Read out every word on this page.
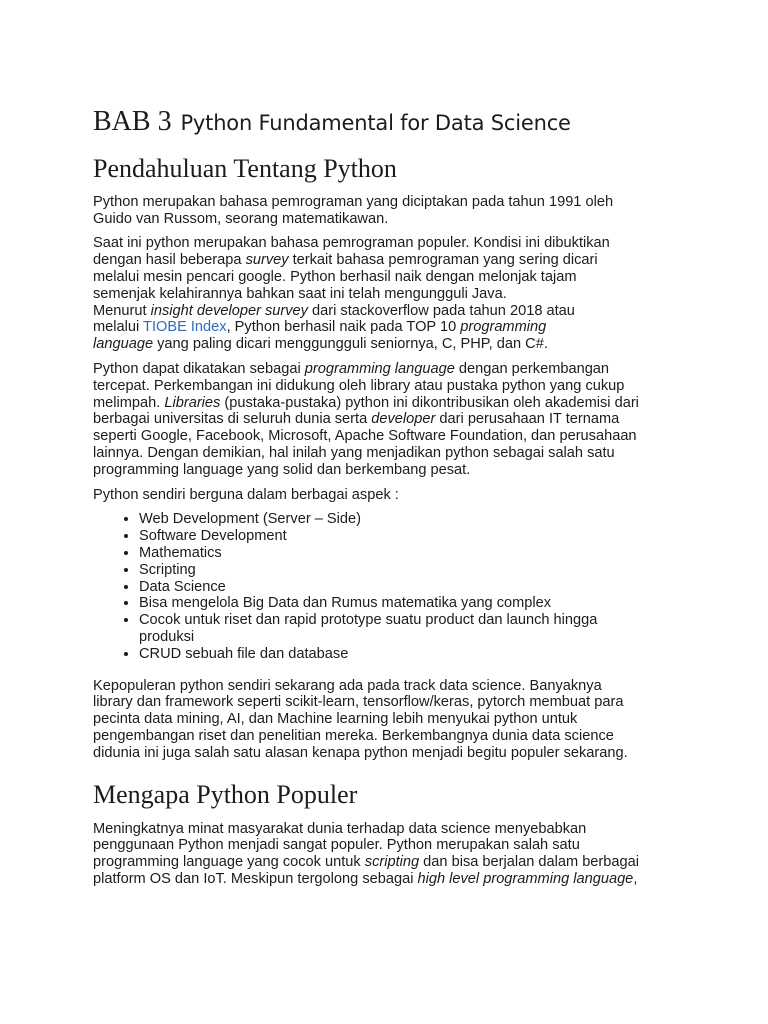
BAB 3 Python Fundamental for Data Science
Pendahuluan Tentang Python

Python merupakan bahasa pemrograman yang diciptakan pada tahun 1991 oleh
Guido van Russom, seorang matematikawan.

Saat ini python merupakan bahasa pemrograman populer. Kondisi ini dibuktikan
dengan hasil beberapa survey terkait bahasa pemrograman yang sering dicari
melalui mesin pencari google. Python berhasil naik dengan melonjak tajam
semenjak kelahirannya bahkan saat ini telah mengungguli Java.
Menurut insight developer survey dari stackoverflow pada tahun 2018 atau
melalui TIOBE Index, Python berhasil naik pada TOP 10 programming
language yang paling dicari menggungguli seniornya, C, PHP, dan C#.

Python dapat dikatakan sebagai programming language dengan perkembangan
tercepat. Perkembangan ini didukung oleh library atau pustaka python yang cukup
melimpah. Libraries (pustaka-pustaka) python ini dikontribusikan oleh akademisi dari
berbagai universitas di seluruh dunia serta developer dari perusahaan IT ternama
seperti Google, Facebook, Microsoft, Apache Software Foundation, dan perusahaan
lainnya. Dengan demikian, hal inilah yang menjadikan python sebagai salah satu
programming language yang solid dan berkembang pesat.

Python sendiri berguna dalam berbagai aspek :

• Web Development (Server – Side)
• Software Development
• Mathematics
• Scripting
• Data Science
• Bisa mengelola Big Data dan Rumus matematika yang complex
• Cocok untuk riset dan rapid prototype suatu product dan launch hingga
produksi
• CRUD sebuah file dan database

Kepopuleran python sendiri sekarang ada pada track data science. Banyaknya
library dan framework seperti scikit-learn, tensorflow/keras, pytorch membuat para
pecinta data mining, AI, dan Machine learning lebih menyukai python untuk
pengembangan riset dan penelitian mereka. Berkembangnya dunia data science
didunia ini juga salah satu alasan kenapa python menjadi begitu populer sekarang.

Mengapa Python Populer

Meningkatnya minat masyarakat dunia terhadap data science menyebabkan
penggunaan Python menjadi sangat populer. Python merupakan salah satu
programming language yang cocok untuk scripting dan bisa berjalan dalam berbagai
platform OS dan IoT. Meskipun tergolong sebagai high level programming language,
